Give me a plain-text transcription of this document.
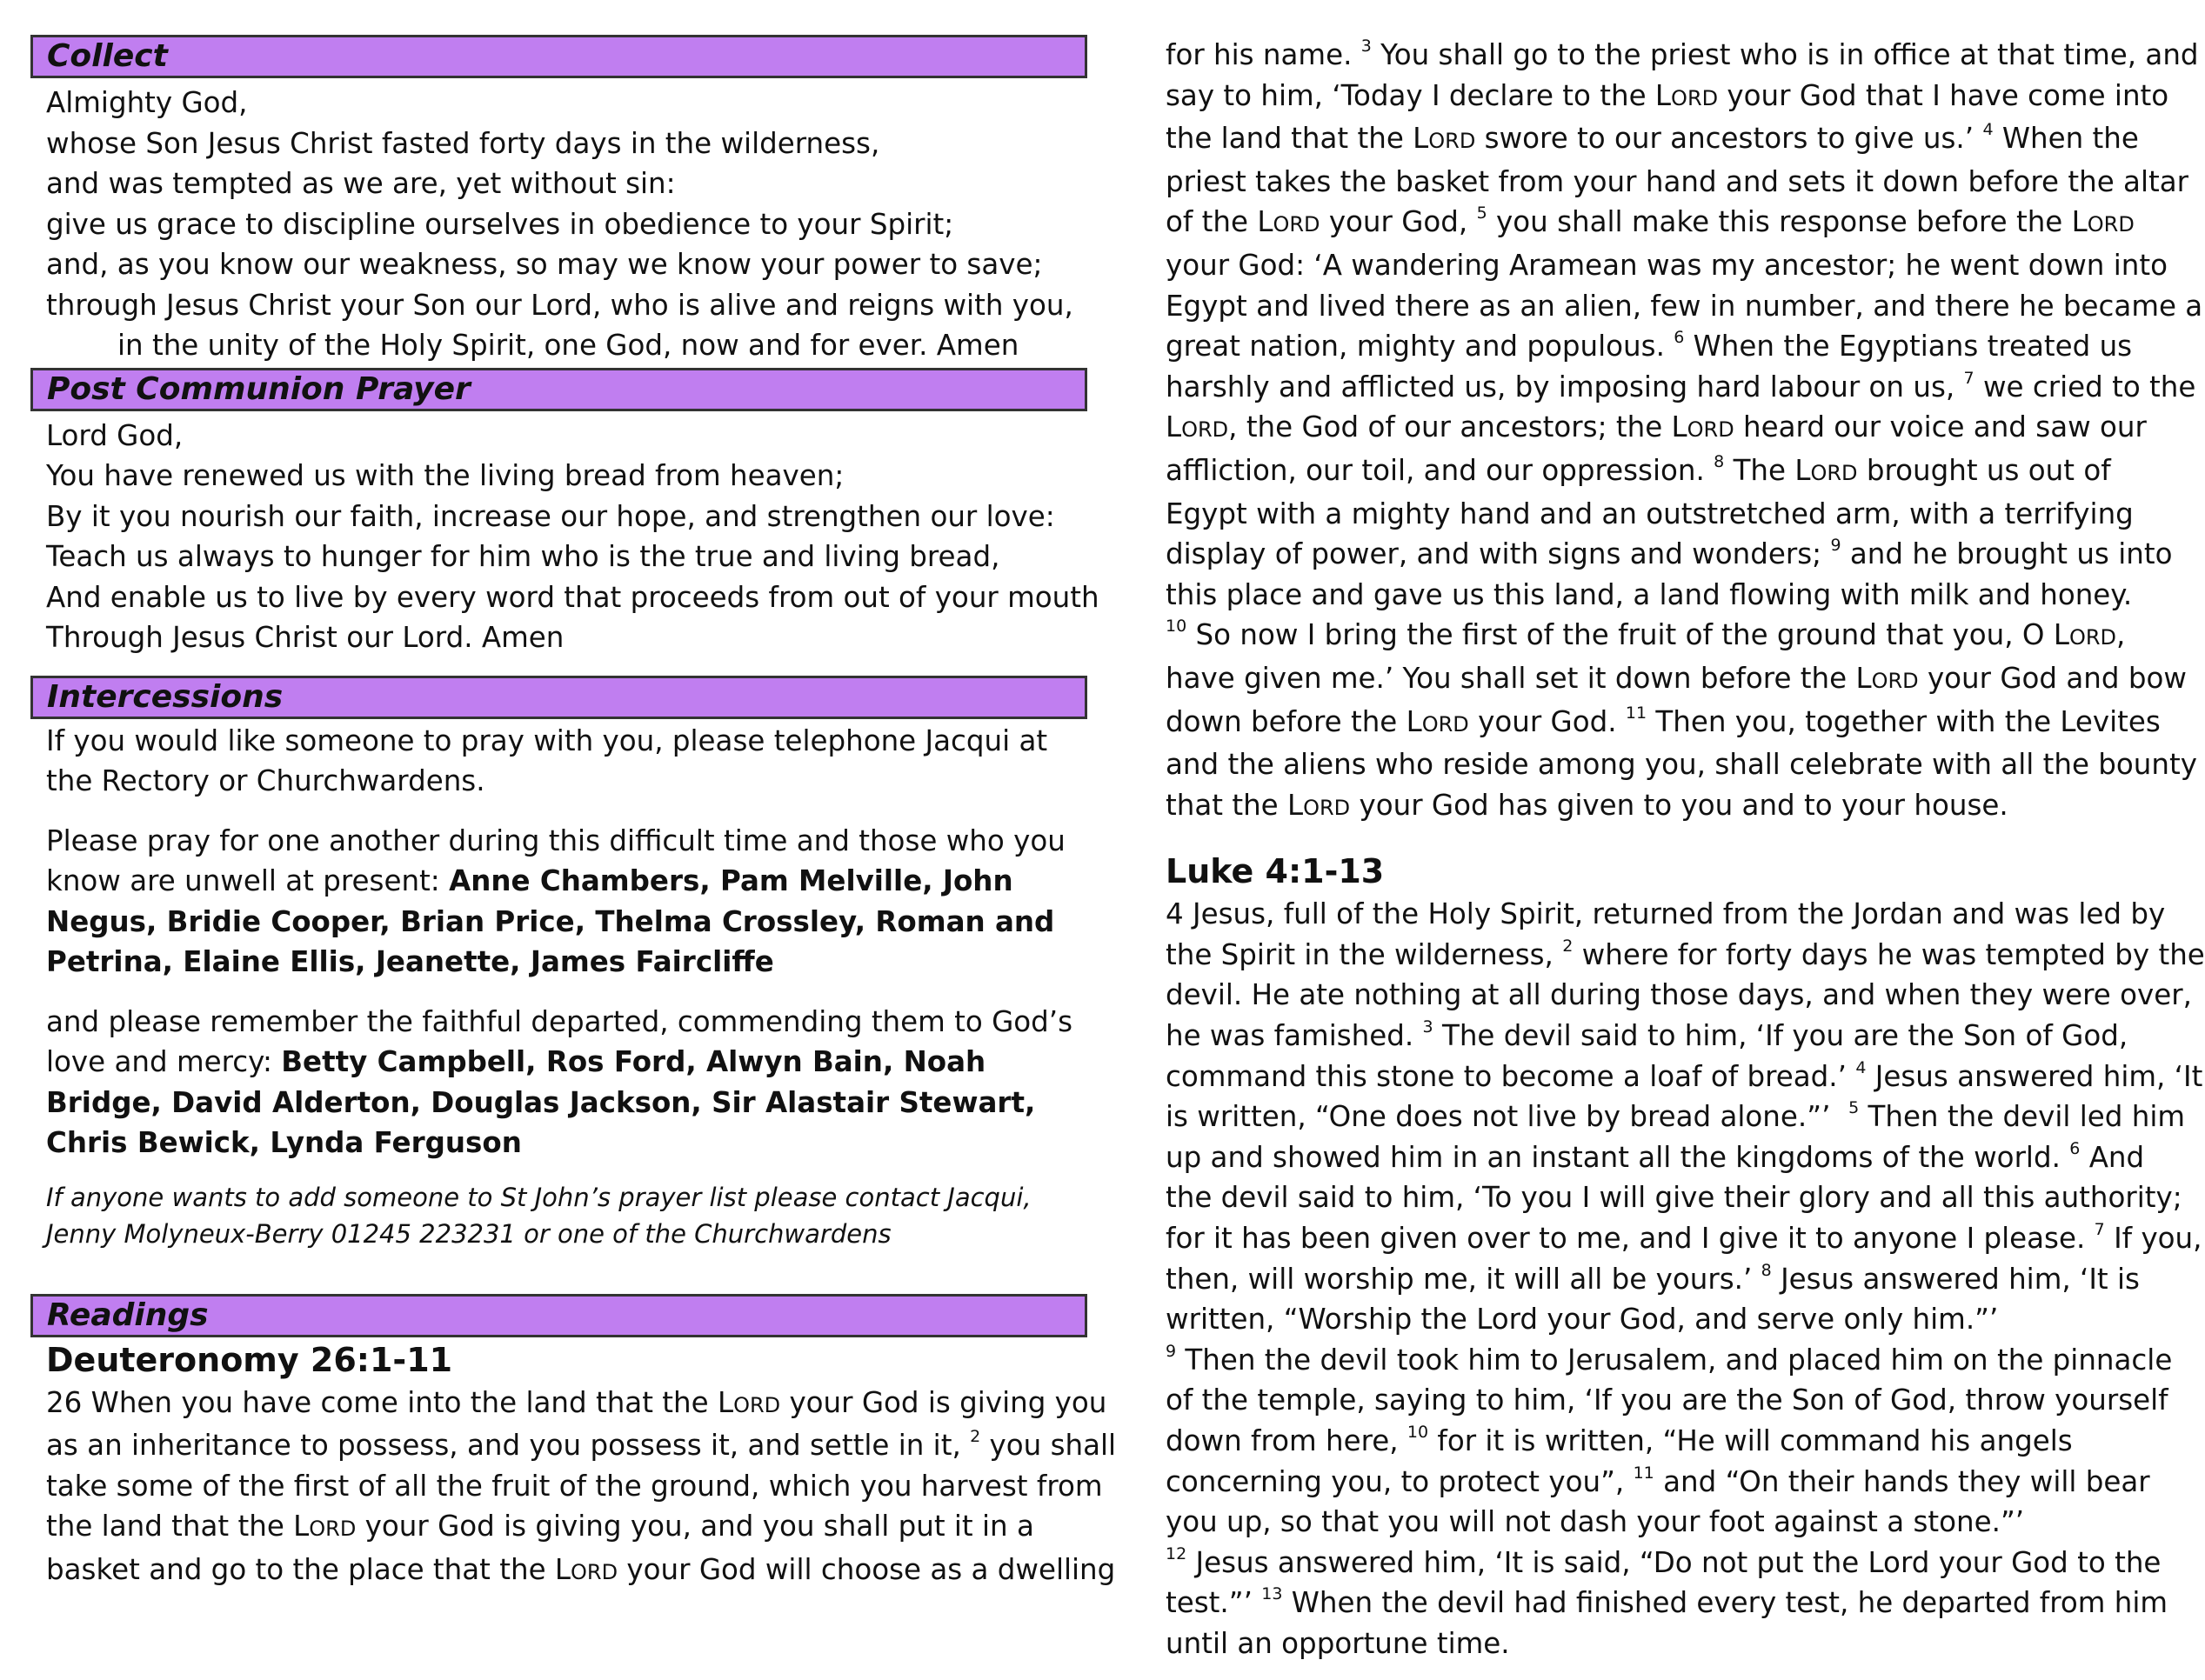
Collect
Almighty God,
whose Son Jesus Christ fasted forty days in the wilderness,
and was tempted as we are, yet without sin:
give us grace to discipline ourselves in obedience to your Spirit;
and, as you know our weakness, so may we know your power to save;
through Jesus Christ your Son our Lord, who is alive and reigns with you,
in the unity of the Holy Spirit, one God, now and for ever. Amen
Post Communion Prayer
Lord God,
You have renewed us with the living bread from heaven;
By it you nourish our faith, increase our hope, and strengthen our love:
Teach us always to hunger for him who is the true and living bread,
And enable us to live by every word that proceeds from out of your mouth
Through Jesus Christ our Lord. Amen
Intercessions
If you would like someone to pray with you, please telephone Jacqui at the Rectory or Churchwardens.
Please pray for one another during this difficult time and those who you know are unwell at present: Anne Chambers, Pam Melville, John Negus, Bridie Cooper, Brian Price, Thelma Crossley, Roman and Petrina, Elaine Ellis, Jeanette, James Faircliffe
and please remember the faithful departed, commending them to God’s love and mercy: Betty Campbell, Ros Ford, Alwyn Bain, Noah Bridge, David Alderton, Douglas Jackson, Sir Alastair Stewart, Chris Bewick, Lynda Ferguson
If anyone wants to add someone to St John’s prayer list please contact Jacqui, Jenny Molyneux-Berry 01245 223231 or one of the Churchwardens
Readings
Deuteronomy 26:1-11
26 When you have come into the land that the LORD your God is giving you
as an inheritance to possess, and you possess it, and settle in it, $^2$ you shall
take some of the first of all the fruit of the ground, which you harvest from
the land that the LORD your God is giving you, and you shall put it in a
basket and go to the place that the LORD your God will choose as a dwelling
for his name. $^3$ You shall go to the priest who is in office at that time, and
say to him, ‘Today I declare to the LORD your God that I have come into
the land that the LORD swore to our ancestors to give us.’ $^4$ When the
priest takes the basket from your hand and sets it down before the altar
of the LORD your God, $^5$ you shall make this response before the LORD
your God: ‘A wandering Aramean was my ancestor; he went down into
Egypt and lived there as an alien, few in number, and there he became a
great nation, mighty and populous. $^6$ When the Egyptians treated us
harshly and afflicted us, by imposing hard labour on us, $^7$ we cried to the
LORD, the God of our ancestors; the LORD heard our voice and saw our
affliction, our toil, and our oppression. $^8$ The LORD brought us out of
Egypt with a mighty hand and an outstretched arm, with a terrifying
display of power, and with signs and wonders; $^9$ and he brought us into
this place and gave us this land, a land flowing with milk and honey.
$^{10}$ So now I bring the first of the fruit of the ground that you, O LORD,
have given me.’ You shall set it down before the LORD your God and bow
down before the LORD your God. $^{11}$ Then you, together with the Levites
and the aliens who reside among you, shall celebrate with all the bounty
that the LORD your God has given to you and to your house.
Luke 4:1-13
4 Jesus, full of the Holy Spirit, returned from the Jordan and was led by
the Spirit in the wilderness, $^2$ where for forty days he was tempted by the
devil. He ate nothing at all during those days, and when they were over,
he was famished. $^3$ The devil said to him, ‘If you are the Son of God,
command this stone to become a loaf of bread.’ $^4$ Jesus answered him, ‘It
is written, “One does not live by bread alone.”’  $^5$ Then the devil led him
up and showed him in an instant all the kingdoms of the world. $^6$ And
the devil said to him, ‘To you I will give their glory and all this authority;
for it has been given over to me, and I give it to anyone I please. $^7$ If you,
then, will worship me, it will all be yours.’ $^8$ Jesus answered him, ‘It is
written, “Worship the Lord your God, and serve only him.”’
$^9$ Then the devil took him to Jerusalem, and placed him on the pinnacle
of the temple, saying to him, ‘If you are the Son of God, throw yourself
down from here, $^{10}$ for it is written, “He will command his angels
concerning you, to protect you”, $^{11}$ and “On their hands they will bear
you up, so that you will not dash your foot against a stone.”’
$^{12}$ Jesus answered him, ‘It is said, “Do not put the Lord your God to the
test.”’ $^{13}$ When the devil had finished every test, he departed from him
until an opportune time.
